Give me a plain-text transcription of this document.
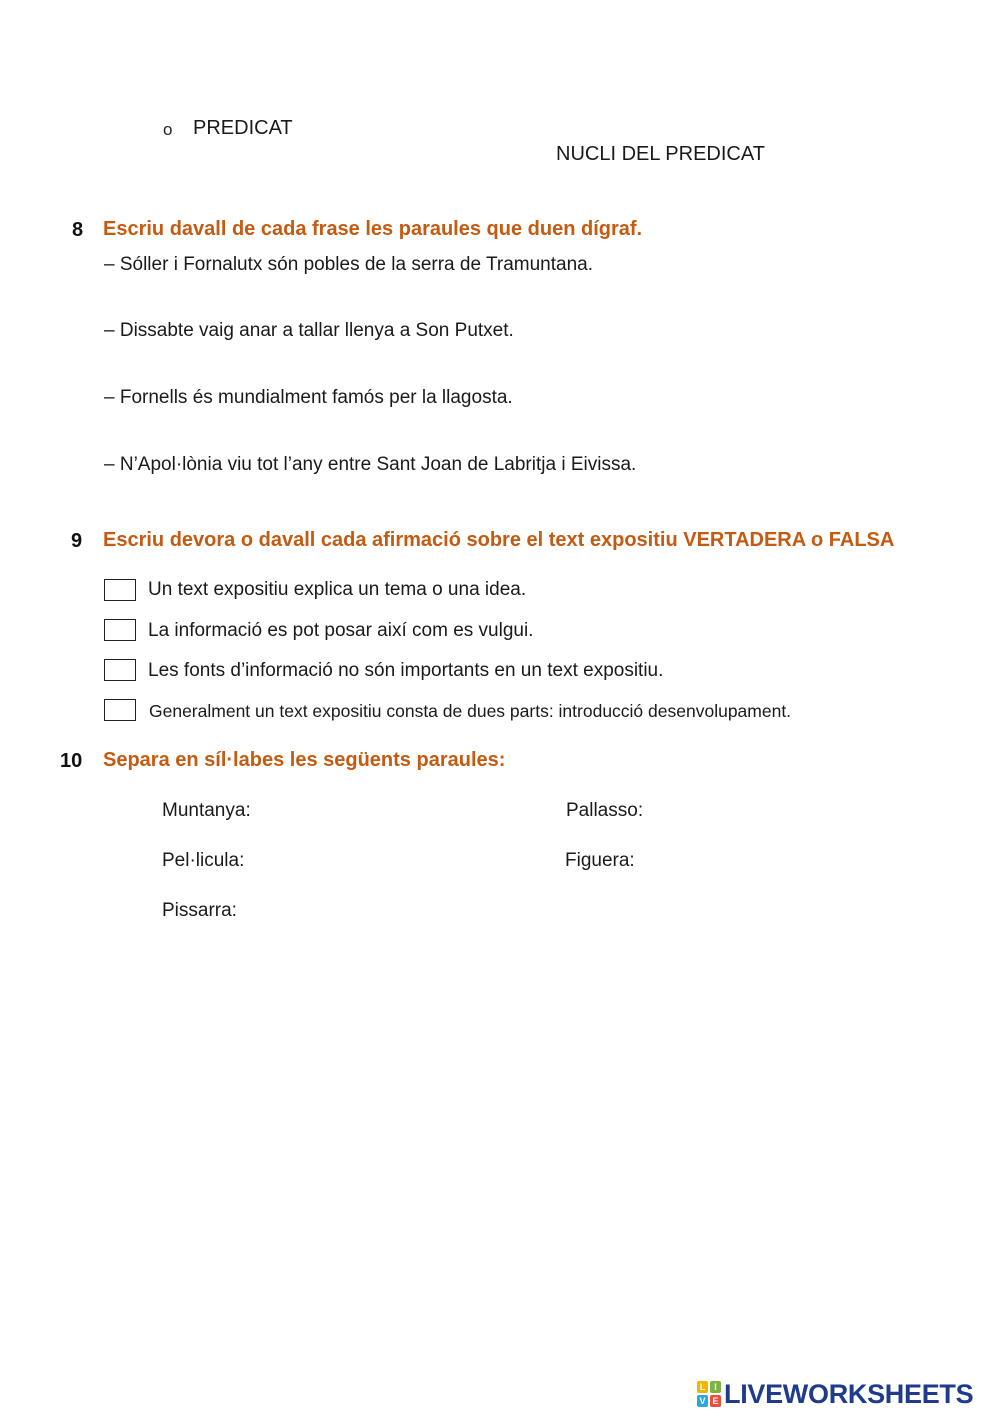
o PREDICAT
NUCLI DEL PREDICAT
8 Escriu davall de cada frase les paraules que duen dígraf.
– Sóller i Fornalutx són pobles de la serra de Tramuntana.
– Dissabte vaig anar a tallar llenya a Son Putxet.
– Fornells és mundialment famós per la llagosta.
– N’Apol·lònia viu tot l’any entre Sant Joan de Labritja i Eivissa.
9 Escriu devora o davall cada afirmació sobre el text expositiu VERTADERA o FALSA
Un text expositiu explica un tema o una idea.
La informació es pot posar així com es vulgui.
Les fonts d’informació no són importants en un text expositiu.
Generalment un text expositiu consta de dues parts: introducció desenvolupament.
10 Separa en síl·labes les següents paraules:
Muntanya:	Pallasso:
Pel·licula:	Figuera:
Pissarra:
L I
V E LIVEWORKSHEETS
